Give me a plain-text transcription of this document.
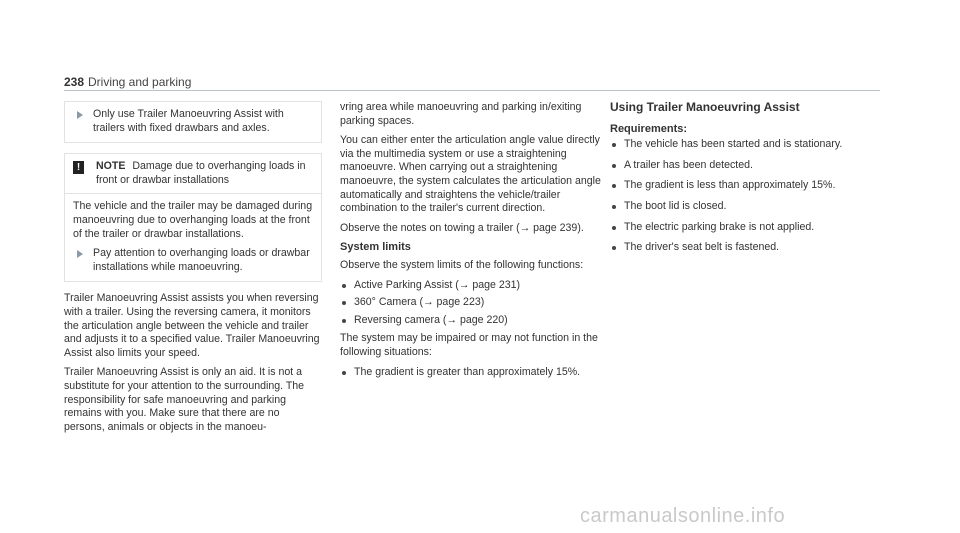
238 Driving and parking
Only use Trailer Manoeuvring Assist with trailers with fixed drawbars and axles.
!	NOTE Damage due to overhanging loads in front or drawbar installations
The vehicle and the trailer may be damaged during manoeuvring due to overhanging loads at the front of the trailer or drawbar installations.
Pay attention to overhanging loads or drawbar installations while manoeuvring.

Trailer Manoeuvring Assist assists you when reversing with a trailer. Using the reversing camera, it monitors the articulation angle between the vehicle and trailer and adjusts it to a specified value. Trailer Manoeuvring Assist also limits your speed.

Trailer Manoeuvring Assist is only an aid. It is not a substitute for your attention to the surrounding. The responsibility for safe manoeuvring and parking remains with you. Make sure that there are no persons, animals or objects in the manoeu-

vring area while manoeuvring and parking in/exiting parking spaces.

You can either enter the articulation angle value directly via the multimedia system or use a straightening manoeuvre. When carrying out a straightening manoeuvre, the system calculates the articulation angle automatically and straightens the vehicle/trailer combination to the trailer's current direction.

Observe the notes on towing a trailer (→ page 239).

System limits

Observe the system limits of the following functions:

Active Parking Assist (→ page 231)
360° Camera (→ page 223)
Reversing camera (→ page 220)

The system may be impaired or may not function in the following situations:

The gradient is greater than approximately 15%.
Using Trailer Manoeuvring Assist
Requirements:
The vehicle has been started and is stationary.
A trailer has been detected.
The gradient is less than approximately 15%.
The boot lid is closed.
The electric parking brake is not applied.
The driver's seat belt is fastened.
carmanualsonline.info
